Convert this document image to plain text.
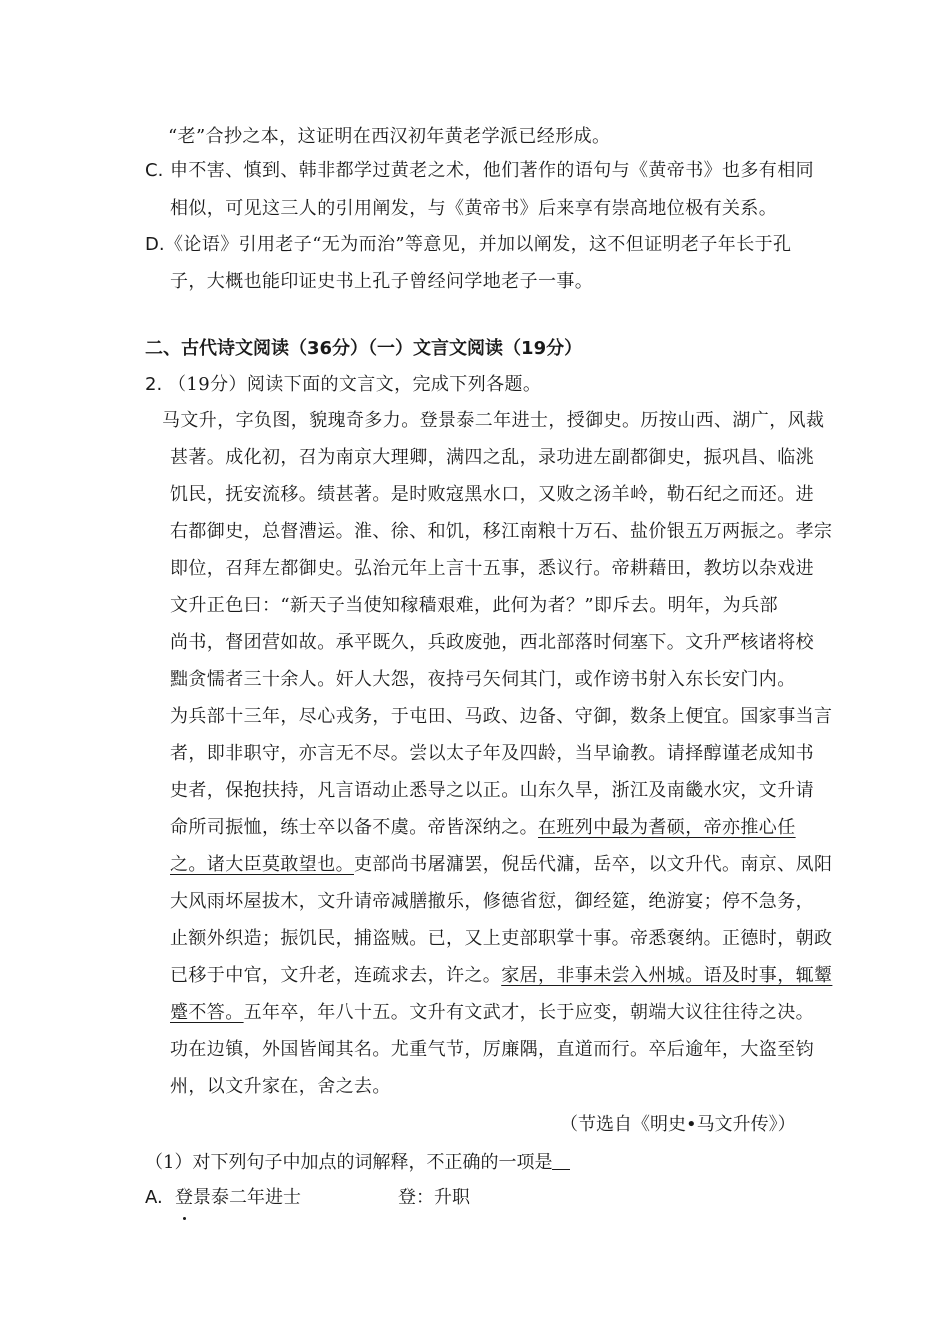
“老”合抄之本，这证明在西汉初年黄老学派已经形成。
C. 申不害、慎到、韩非都学过黄老之术，他们著作的语句与《黄帝书》也多有相同
相似，可见这三人的引用阐发，与《黄帝书》后来享有崇高地位极有关系。
D. 《论语》引用老子“无为而治”等意见，并加以阐发，这不但证明老子年长于孔
子，大概也能印证史书上孔子曾经问学地老子一事。
二、古代诗文阅读（36分）（一）文言文阅读（19分）
2. （19分）阅读下面的文言文，完成下列各题。
马文升，字负图，貌瑰奇多力。登景泰二年进士，授御史。历按山西、湖广，风裁
甚著。成化初，召为南京大理卿，满四之乱，录功进左副都御史，振巩昌、临洮
饥民，抚安流移。绩甚著。是时败寇黑水口，又败之汤羊岭，勒石纪之而还。进
右都御史，总督漕运。淮、徐、和饥，移江南粮十万石、盐价银五万两振之。孝宗
即位，召拜左都御史。弘治元年上言十五事，悉议行。帝耕藉田，教坊以杂戏进
文升正色曰：“新天子当使知稼穑艰难，此何为者？”即斥去。明年，为兵部
尚书，督团营如故。承平既久，兵政废弛，西北部落时伺塞下。文升严核诸将校
黜贪懦者三十余人。奸人大怨，夜持弓矢伺其门，或作谤书射入东长安门内。
为兵部十三年，尽心戎务，于屯田、马政、边备、守御，数条上便宜。国家事当言
者，即非职守，亦言无不尽。尝以太子年及四龄，当早谕教。请择醇谨老成知书
史者，保抱扶持，凡言语动止悉导之以正。山东久旱，浙江及南畿水灾，文升请
命所司振恤，练士卒以备不虞。帝皆深纳之。在班列中最为耆硕，帝亦推心任
之。诸大臣莫敢望也。吏部尚书屠滽罢，倪岳代滽，岳卒，以文升代。南京、凤阳
大风雨坏屋拔木，文升请帝减膳撤乐，修德省愆，御经筵，绝游宴；停不急务，
止额外织造；振饥民，捕盗贼。已，又上吏部职掌十事。帝悉褒纳。正德时，朝政
已移于中官，文升老，连疏求去，许之。家居，非事未尝入州城。语及时事，辄颦
蹙不答。五年卒，年八十五。文升有文武才，长于应变，朝端大议往往待之决。
功在边镇，外国皆闻其名。尤重气节，厉廉隅，直道而行。卒后逾年，大盗至钧
州，以文升家在，舍之去。
（节选自《明史•马文升传》）
（1）对下列句子中加点的词解释，不正确的一项是
A. 登景泰二年进士	登：升职
